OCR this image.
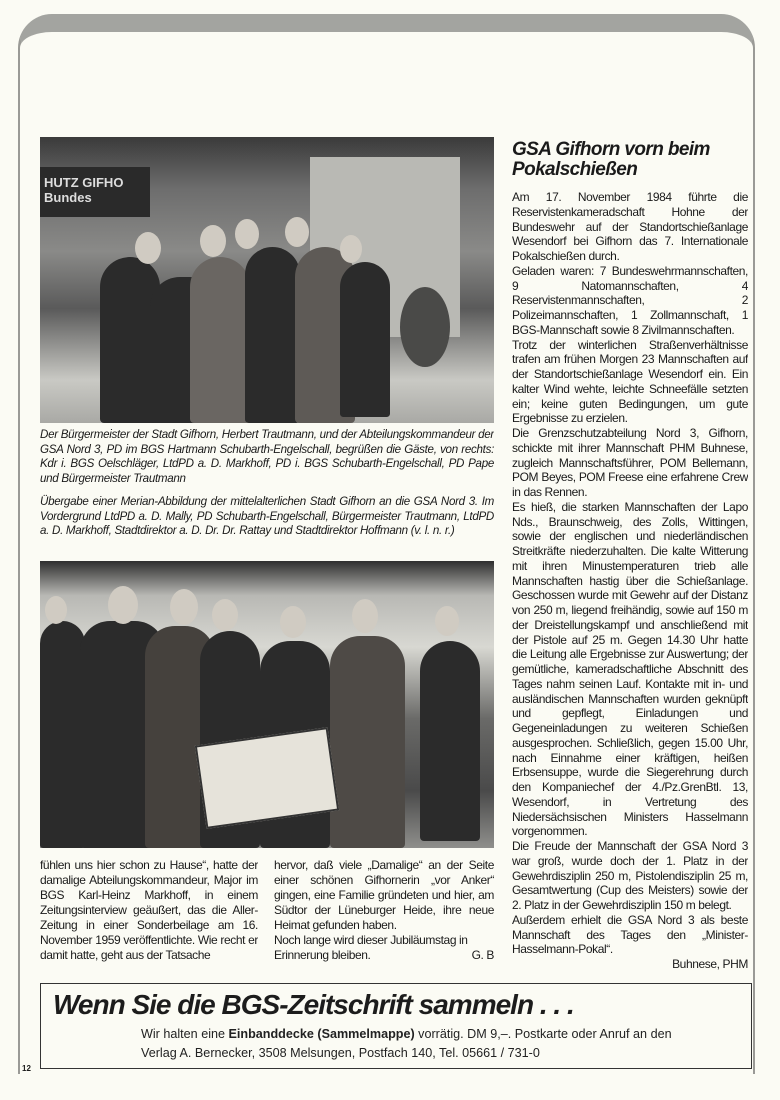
HUTZ GIFHO Bundes
Der Bürgermeister der Stadt Gifhorn, Herbert Trautmann, und der Abteilungskommandeur der GSA Nord 3, PD im BGS Hartmann Schubarth-Engelschall, begrüßen die Gäste, von rechts: Kdr i. BGS Oelschläger, LtdPD a. D. Markhoff, PD i. BGS Schubarth-Engelschall, PD Pape und Bürgermeister Trautmann
Übergabe einer Merian-Abbildung der mittelalterlichen Stadt Gifhorn an die GSA Nord 3. Im Vordergrund LtdPD a. D. Mally, PD Schubarth-Engelschall, Bürgermeister Trautmann, LtdPD a. D. Markhoff, Stadtdirektor a. D. Dr. Dr. Rattay und Stadtdirektor Hoffmann (v. l. n. r.)
GSA Gifhorn vorn beim Pokalschießen

Am 17. November 1984 führte die Reservistenkameradschaft Hohne der Bundeswehr auf der Standortschießanlage Wesendorf bei Gifhorn das 7. Internationale Pokalschießen durch.

Geladen waren: 7 Bundeswehrmannschaften, 9 Natomannschaften, 4 Reservistenmannschaften, 2 Polizeimannschaften, 1 Zollmannschaft, 1 BGS-Mannschaft sowie 8 Zivilmannschaften.

Trotz der winterlichen Straßenverhältnisse trafen am frühen Morgen 23 Mannschaften auf der Standortschießanlage Wesendorf ein. Ein kalter Wind wehte, leichte Schneefälle setzten ein; keine guten Bedingungen, um gute Ergebnisse zu erzielen.

Die Grenzschutzabteilung Nord 3, Gifhorn, schickte mit ihrer Mannschaft PHM Buhnese, zugleich Mannschaftsführer, POM Bellemann, POM Beyes, POM Freese eine erfahrene Crew in das Rennen.

Es hieß, die starken Mannschaften der Lapo Nds., Braunschweig, des Zolls, Wittingen, sowie der englischen und niederländischen Streitkräfte niederzuhalten. Die kalte Witterung mit ihren Minustemperaturen trieb alle Mannschaften hastig über die Schießanlage. Geschossen wurde mit Gewehr auf der Distanz von 250 m, liegend freihändig, sowie auf 150 m der Dreistellungskampf und anschließend mit der Pistole auf 25 m. Gegen 14.30 Uhr hatte die Leitung alle Ergebnisse zur Auswertung; der gemütliche, kameradschaftliche Abschnitt des Tages nahm seinen Lauf. Kontakte mit in- und ausländischen Mannschaften wurden geknüpft und gepflegt, Einladungen und Gegeneinladungen zu weiteren Schießen ausgesprochen. Schließlich, gegen 15.00 Uhr, nach Einnahme einer kräftigen, heißen Erbsensuppe, wurde die Siegerehrung durch den Kompaniechef der 4./Pz.GrenBtl. 13, Wesendorf, in Vertretung des Niedersächsischen Ministers Hasselmann vorgenommen.

Die Freude der Mannschaft der GSA Nord 3 war groß, wurde doch der 1. Platz in der Gewehrdisziplin 250 m, Pistolendisziplin 25 m, Gesamtwertung (Cup des Meisters) sowie der 2. Platz in der Gewehrdisziplin 150 m belegt.

Außerdem erhielt die GSA Nord 3 als beste Mannschaft des Tages den „Minister-Hasselmann-Pokal“.

Buhnese, PHM

fühlen uns hier schon zu Hause“, hatte der damalige Abteilungskommandeur, Major im BGS Karl-Heinz Markhoff, in einem Zeitungsinterview geäußert, das die Aller-Zeitung in einer Sonderbeilage am 16. November 1959 veröffentlichte. Wie recht er damit hatte, geht aus der Tatsache

hervor, daß viele „Damalige“ an der Seite einer schönen Gifhornerin „vor Anker“ gingen, eine Familie gründeten und hier, am Südtor der Lüneburger Heide, ihre neue Heimat gefunden haben.

Noch lange wird dieser Jubiläumstag in

Erinnerung bleiben.	G. B
Wenn Sie die BGS-Zeitschrift sammeln . . .

Wir halten eine Einbanddecke (Sammelmappe) vorrätig. DM 9,–. Postkarte oder Anruf an den
Verlag A. Bernecker, 3508 Melsungen, Postfach 140, Tel. 05661 / 731-0

12
